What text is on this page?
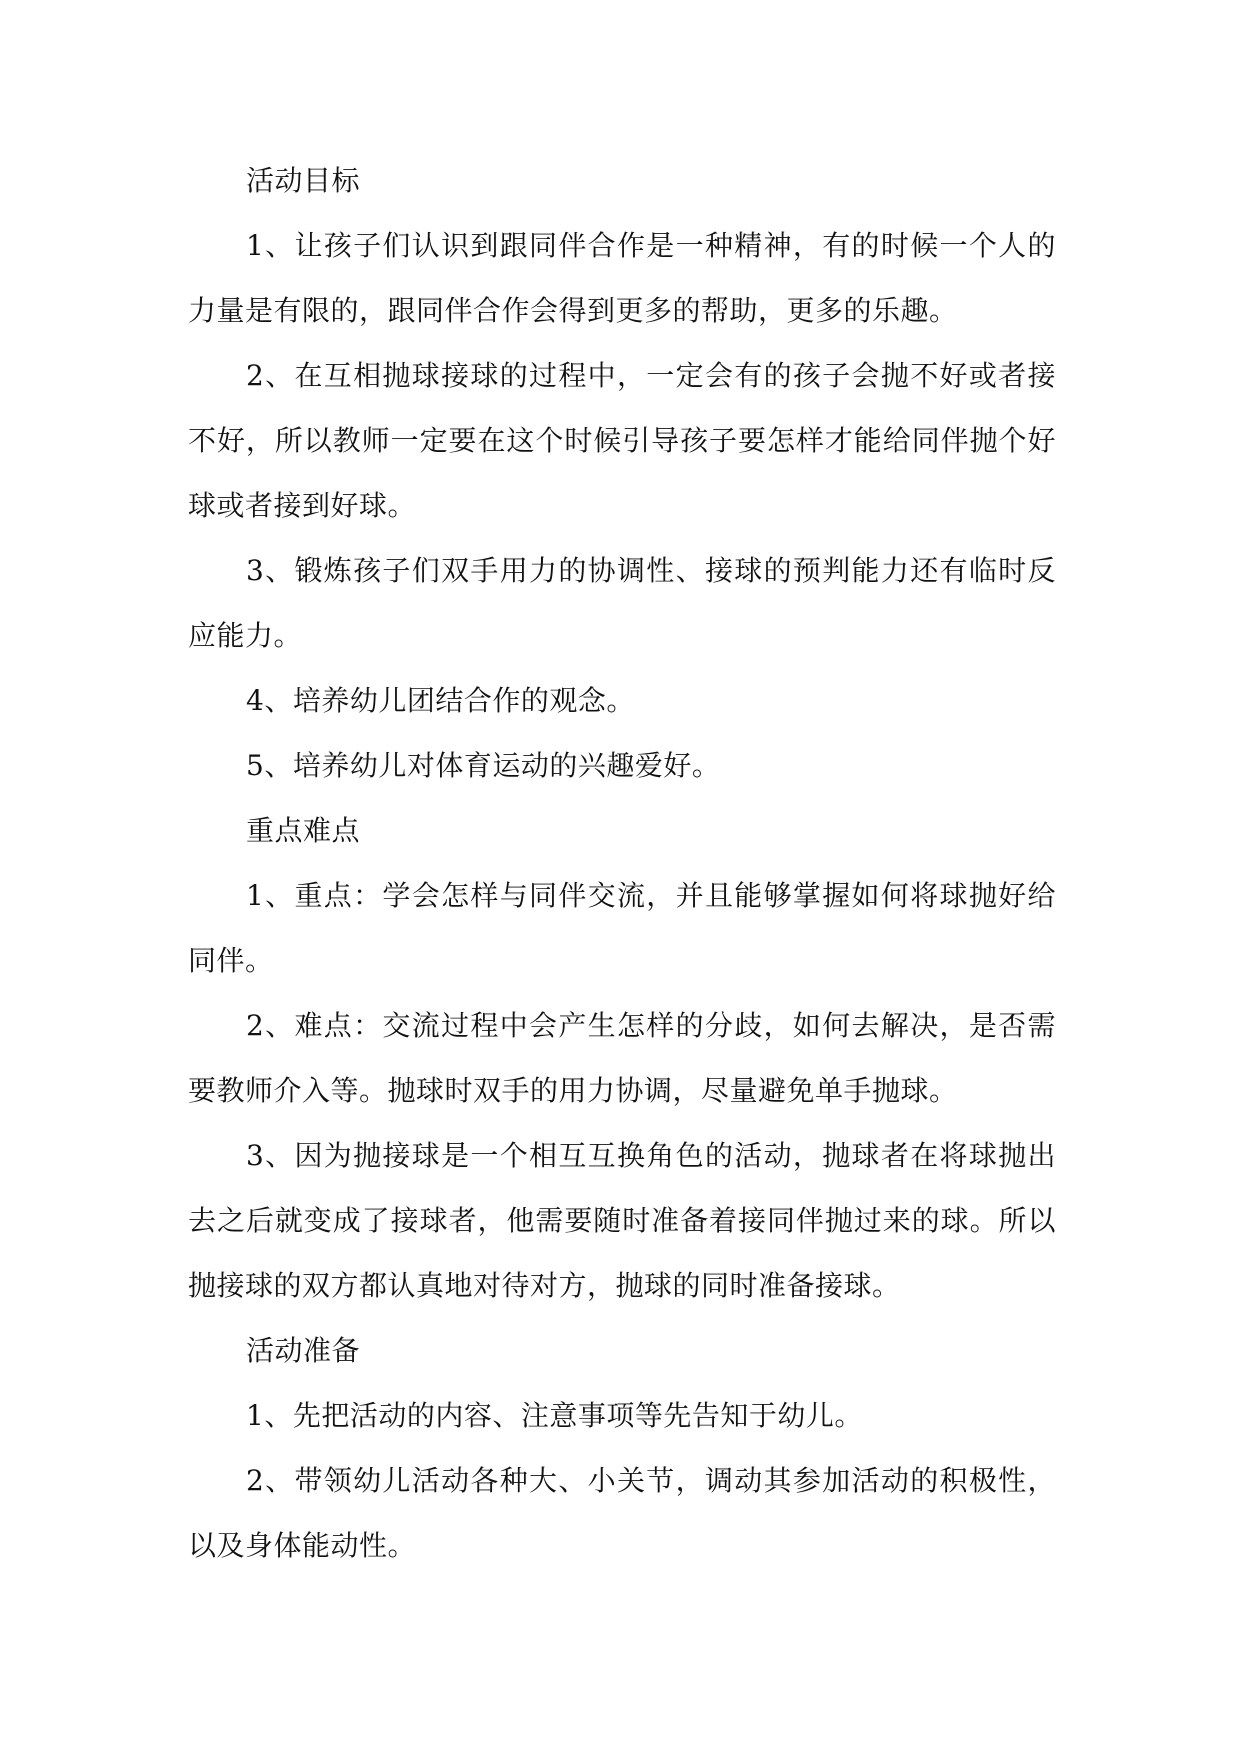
活动目标

1、让孩子们认识到跟同伴合作是一种精神，有的时候一个人的力量是有限的，跟同伴合作会得到更多的帮助，更多的乐趣。

2、在互相抛球接球的过程中，一定会有的孩子会抛不好或者接不好，所以教师一定要在这个时候引导孩子要怎样才能给同伴抛个好球或者接到好球。

3、锻炼孩子们双手用力的协调性、接球的预判能力还有临时反应能力。

4、培养幼儿团结合作的观念。

5、培养幼儿对体育运动的兴趣爱好。

重点难点

1、重点：学会怎样与同伴交流，并且能够掌握如何将球抛好给同伴。

2、难点：交流过程中会产生怎样的分歧，如何去解决，是否需要教师介入等。抛球时双手的用力协调，尽量避免单手抛球。

3、因为抛接球是一个相互互换角色的活动，抛球者在将球抛出去之后就变成了接球者，他需要随时准备着接同伴抛过来的球。所以抛接球的双方都认真地对待对方，抛球的同时准备接球。

活动准备

1、先把活动的内容、注意事项等先告知于幼儿。

2、带领幼儿活动各种大、小关节，调动其参加活动的积极性，以及身体能动性。
